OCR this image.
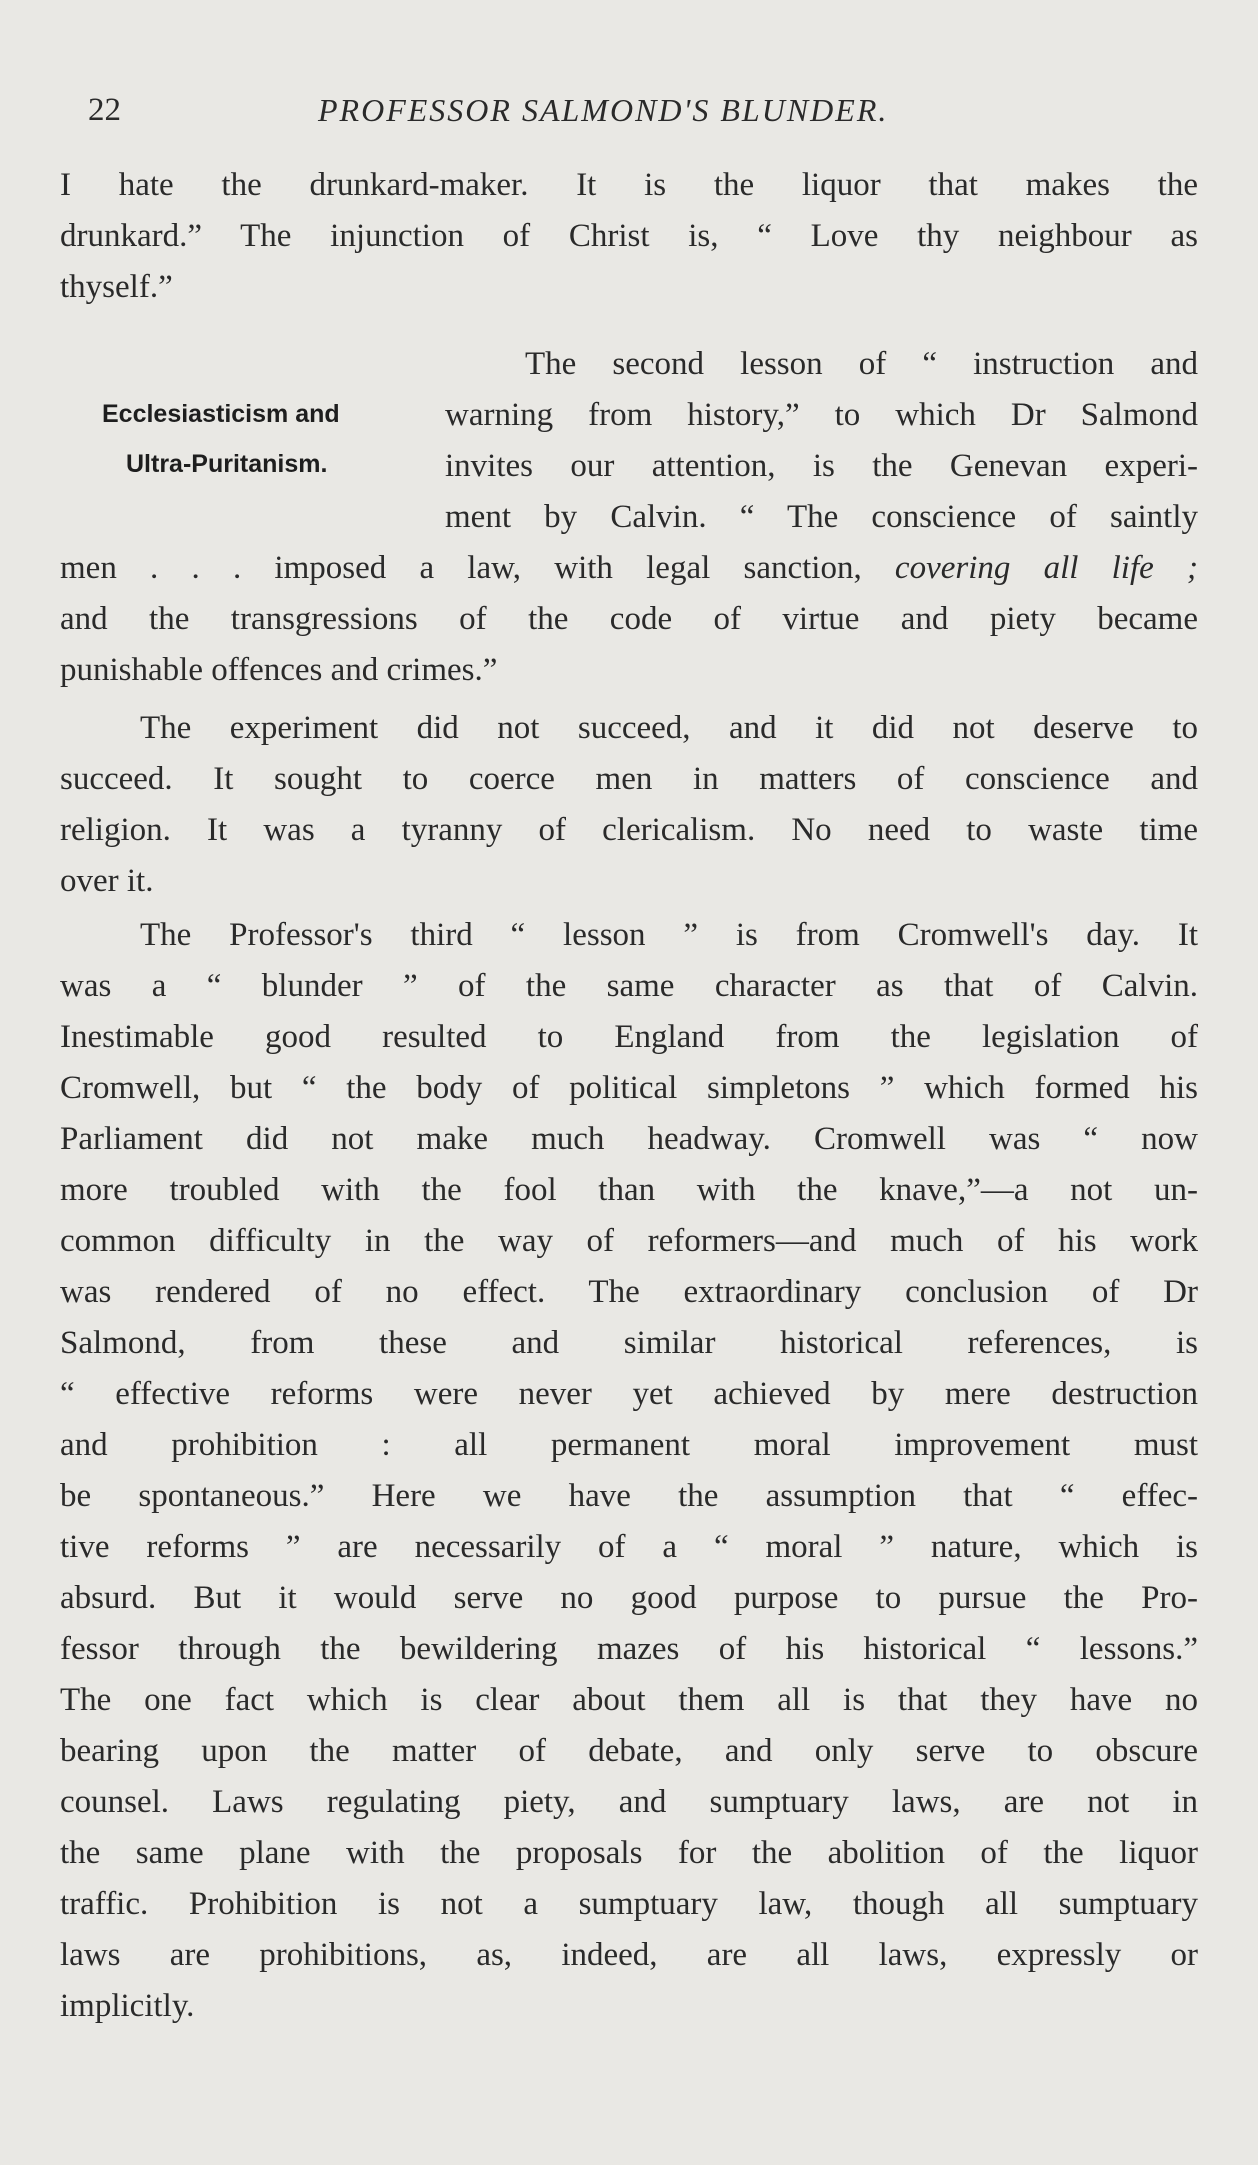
22	PROFESSOR SALMOND'S BLUNDER.
I hate the drunkard-maker. It is the liquor that makes the
drunkard.” The injunction of Christ is, “ Love thy neighbour as
thyself.”
Ecclesiasticism and
Ultra-Puritanism.
The second lesson of “ instruction and
warning from history,” to which Dr Salmond
invites our attention, is the Genevan experi-
ment by Calvin. “ The conscience of saintly
men . . . imposed a law, with legal sanction, covering all life ;
and the transgressions of the code of virtue and piety became
punishable offences and crimes.”
The experiment did not succeed, and it did not deserve to
succeed. It sought to coerce men in matters of conscience and
religion. It was a tyranny of clericalism. No need to waste time
over it.
The Professor's third “ lesson ” is from Cromwell's day. It
was a “ blunder ” of the same character as that of Calvin.
Inestimable good resulted to England from the legislation of
Cromwell, but “ the body of political simpletons ” which formed his
Parliament did not make much headway. Cromwell was “ now
more troubled with the fool than with the knave,”—a not un-
common difficulty in the way of reformers—and much of his work
was rendered of no effect. The extraordinary conclusion of Dr
Salmond, from these and similar historical references, is
“ effective reforms were never yet achieved by mere destruction
and prohibition : all permanent moral improvement must
be spontaneous.” Here we have the assumption that “ effec-
tive reforms ” are necessarily of a “ moral ” nature, which is
absurd. But it would serve no good purpose to pursue the Pro-
fessor through the bewildering mazes of his historical “ lessons.”
The one fact which is clear about them all is that they have no
bearing upon the matter of debate, and only serve to obscure
counsel. Laws regulating piety, and sumptuary laws, are not in
the same plane with the proposals for the abolition of the liquor
traffic. Prohibition is not a sumptuary law, though all sumptuary
laws are prohibitions, as, indeed, are all laws, expressly or
implicitly.
